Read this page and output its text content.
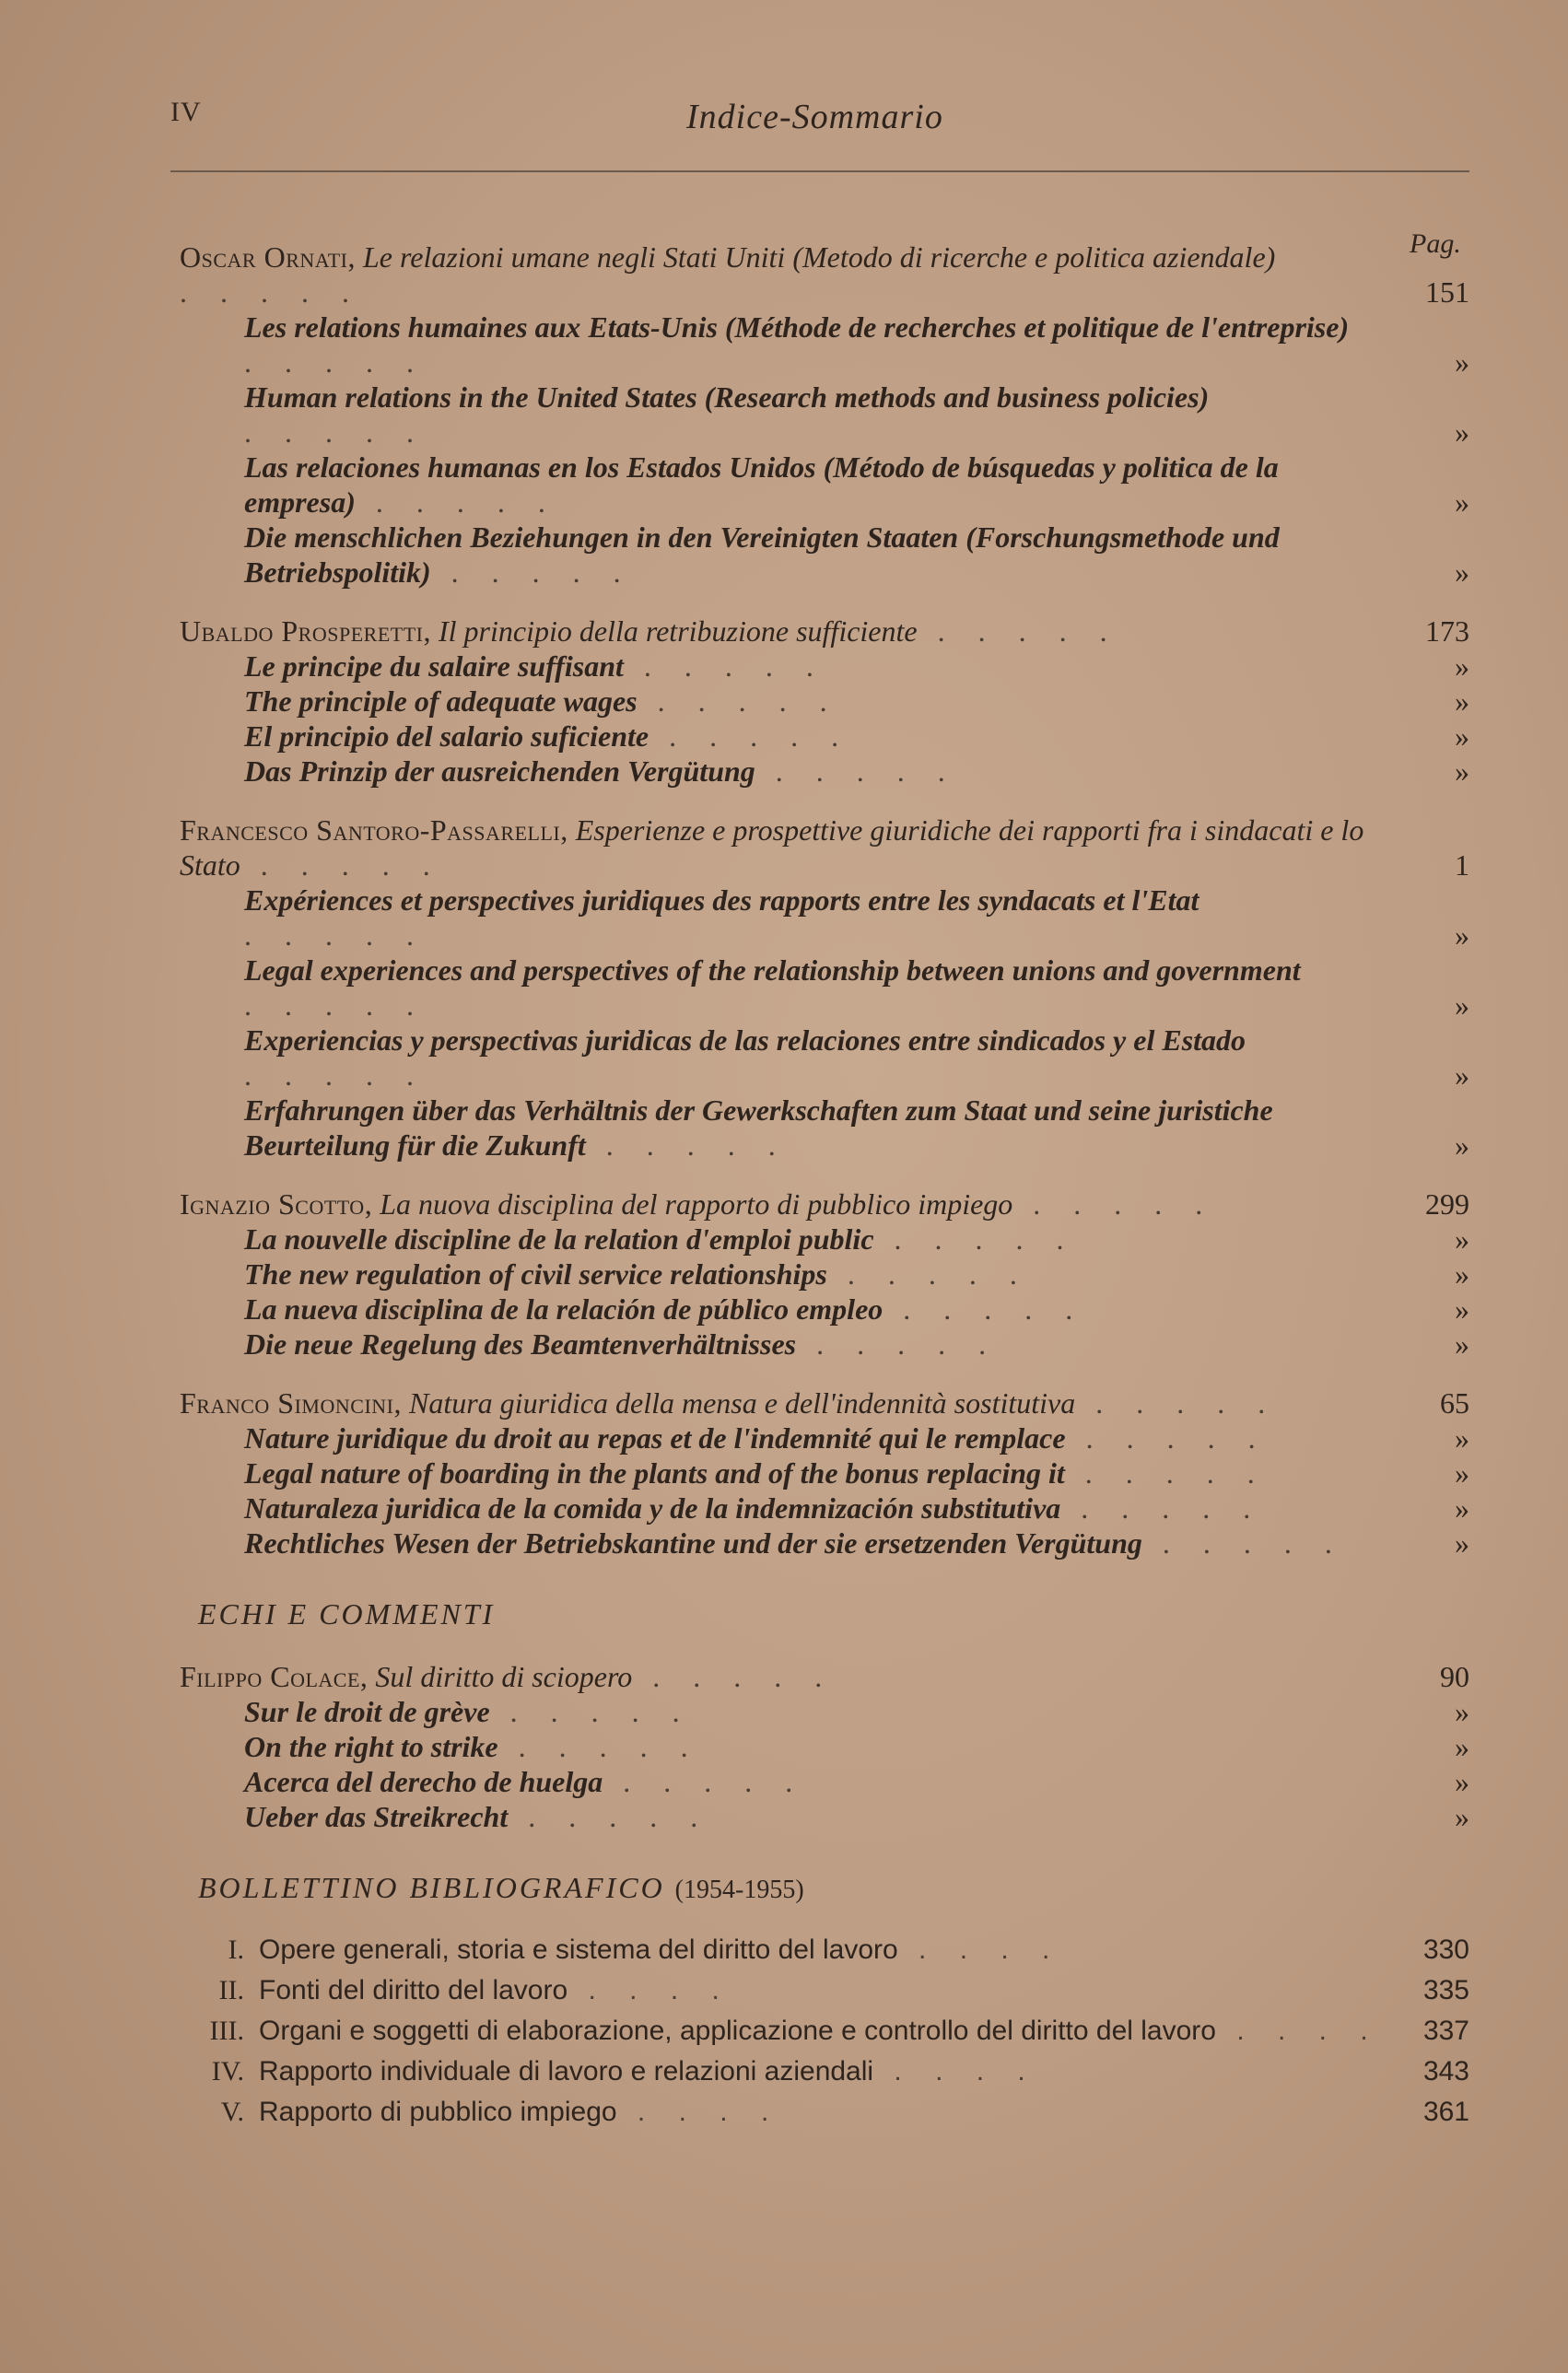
IV	Indice-Sommario
Pag.
Oscar Ornati, Le relazioni umane negli Stati Uniti (Metodo di ricerche e politica aziendale) . . . . .	151
Les relations humaines aux Etats-Unis (Méthode de recherches et politique de l'entreprise) . . . . .	»
Human relations in the United States (Research methods and business policies) . . . . .	»
Las relaciones humanas en los Estados Unidos (Método de búsquedas y politica de la empresa) . . . . .	»
Die menschlichen Beziehungen in den Vereinigten Staaten (Forschungsmethode und Betriebspolitik) . . . . .	»
Ubaldo Prosperetti, Il principio della retribuzione sufficiente . . . . .	173
Le principe du salaire suffisant . . . . .	»
The principle of adequate wages . . . . .	»
El principio del salario suficiente . . . . .	»
Das Prinzip der ausreichenden Vergütung . . . . .	»
Francesco Santoro-Passarelli, Esperienze e prospettive giuridiche dei rapporti fra i sindacati e lo Stato . . . . .	1
Expériences et perspectives juridiques des rapports entre les syndacats et l'Etat . . . . .	»
Legal experiences and perspectives of the relationship between unions and government . . . . .	»
Experiencias y perspectivas juridicas de las relaciones entre sindicados y el Estado . . . . .	»
Erfahrungen über das Verhältnis der Gewerkschaften zum Staat und seine juristiche Beurteilung für die Zukunft . . . . .	»
Ignazio Scotto, La nuova disciplina del rapporto di pubblico impiego . . . . .	299
La nouvelle discipline de la relation d'emploi public . . . . .	»
The new regulation of civil service relationships . . . . .	»
La nueva disciplina de la relación de público empleo . . . . .	»
Die neue Regelung des Beamtenverhältnisses . . . . .	»
Franco Simoncini, Natura giuridica della mensa e dell'indennità sostitutiva . . . . .	65
Nature juridique du droit au repas et de l'indemnité qui le remplace . . . . .	»
Legal nature of boarding in the plants and of the bonus replacing it . . . . .	»
Naturaleza juridica de la comida y de la indemnización substitutiva . . . . .	»
Rechtliches Wesen der Betriebskantine und der sie ersetzenden Vergütung . . . . .	»
ECHI E COMMENTI
Filippo Colace, Sul diritto di sciopero . . . . .	90
Sur le droit de grève . . . . .	»
On the right to strike . . . . .	»
Acerca del derecho de huelga . . . . .	»
Ueber das Streikrecht . . . . .	»
BOLLETTINO BIBLIOGRAFICO (1954-1955)
I. Opere generali, storia e sistema del diritto del lavoro . . . .	330
II. Fonti del diritto del lavoro . . . .	335
III. Organi e soggetti di elaborazione, applicazione e controllo del diritto del lavoro . . . .	337
IV. Rapporto individuale di lavoro e relazioni aziendali . . . .	343
V. Rapporto di pubblico impiego . . . .	361
